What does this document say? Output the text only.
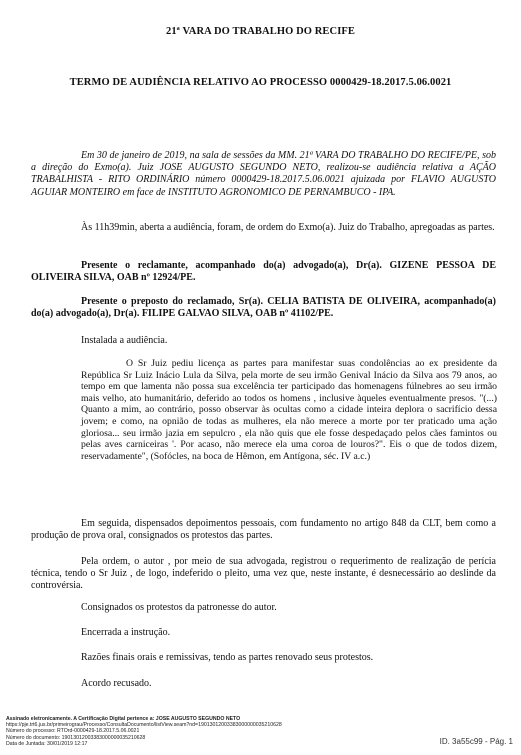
21ª VARA DO TRABALHO DO RECIFE
TERMO DE AUDIÊNCIA RELATIVO AO PROCESSO 0000429-18.2017.5.06.0021

Em 30 de janeiro de 2019, na sala de sessões da MM. 21ª VARA DO TRABALHO DO RECIFE/PE, sob a direção do Exmo(a). Juiz JOSE AUGUSTO SEGUNDO NETO, realizou-se audiência relativa a AÇÃO TRABALHISTA - RITO ORDINÁRIO número 0000429-18.2017.5.06.0021 ajuizada por FLAVIO AUGUSTO AGUIAR MONTEIRO em face de INSTITUTO AGRONOMICO DE PERNAMBUCO - IPA.

Às 11h39min, aberta a audiência, foram, de ordem do Exmo(a). Juiz do Trabalho, apregoadas as partes.

Presente o reclamante, acompanhado do(a) advogado(a), Dr(a). GIZENE PESSOA DE OLIVEIRA SILVA, OAB nº 12924/PE.

Presente o preposto do reclamado, Sr(a). CELIA BATISTA DE OLIVEIRA, acompanhado(a) do(a) advogado(a), Dr(a). FILIPE GALVAO SILVA, OAB nº 41102/PE.

Instalada a audiência.

O Sr Juiz pediu licença as partes para manifestar suas condolências ao ex presidente da República Sr Luiz Inácio Lula da Silva, pela morte de seu irmão Genival Inácio da Silva aos 79 anos, ao tempo em que lamenta não possa sua excelência ter participado das homenagens fúlnebres ao seu irmão mais velho, ato humanitário, deferido ao todos os homens , inclusive àqueles eventualmente presos. "(...) Quanto a mim, ao contrário, posso observar às ocultas como a cidade inteira deplora o sacrifício dessa jovem; e como, na opnião de todas as mulheres, ela não merece a morte por ter praticado uma ação gloriosa... seu irmão jazia em sepulcro , ela não quis que ele fosse despedaçado pelos cães famintos ou pelas aves carniceiras '. Por acaso, não merece ela uma coroa de louros?". Eis o que de todos dizem, reservadamente", (Sofócles, na boca de Hêmon, em Antígona, séc. IV a.c.)

Em seguida, dispensados depoimentos pessoais, com fundamento no artigo 848 da CLT, bem como a produção de prova oral, consignados os protestos das partes.

Pela ordem, o autor , por meio de sua advogada, registrou o requerimento de realização de perícia técnica, tendo o Sr Juiz , de logo, indeferido o pleito, uma vez que, neste instante, é desnecessário ao deslinde da controvérsia.

Consignados os protestos da patronesse do autor.

Encerrada a instrução.

Razões finais orais e remissivas, tendo as partes renovado seus protestos.

Acordo recusado.

Assinado eletronicamente. A Certificação Digital pertence a: JOSE AUGUSTO SEGUNDO NETO
https://pje.trt6.jus.br/primeirograu/Processo/ConsultaDocumento/listView.seam?nd=19013012003383000000035210628
Número do processo: RTOrd-0000429-18.2017.5.06.0021
Número do documento: 19013012003383000000035210628
Data de Juntada: 30/01/2019 12:17	ID. 3a55c99 - Pág. 1
